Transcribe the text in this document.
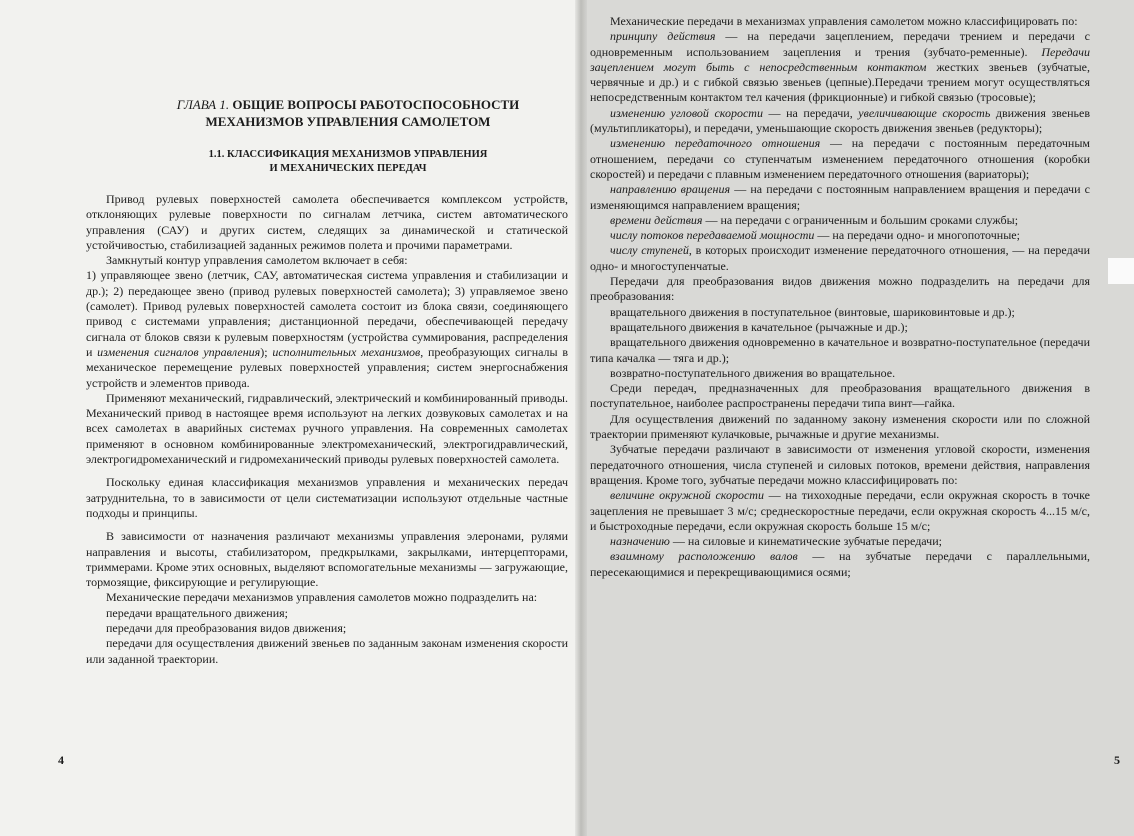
ГЛАВА 1. ОБЩИЕ ВОПРОСЫ РАБОТОСПОСОБНОСТИ
МЕХАНИЗМОВ УПРАВЛЕНИЯ САМОЛЕТОМ
1.1. КЛАССИФИКАЦИЯ МЕХАНИЗМОВ УПРАВЛЕНИЯ
И МЕХАНИЧЕСКИХ ПЕРЕДАЧ

Привод рулевых поверхностей самолета обеспечивается комплексом устройств, отклоняющих рулевые поверхности по сигналам летчика, систем автоматического управления (САУ) и других систем, следящих за динамической и статической устойчивостью, стабилизацией заданных режимов полета и прочими параметрами.

Замкнутый контур управления самолетом включает в себя:

1) управляющее звено (летчик, САУ, автоматическая система управления и стабилизации и др.); 2) передающее звено (привод рулевых поверхностей самолета); 3) управляемое звено (самолет). Привод рулевых поверхностей самолета состоит из блока связи, соединяющего привод с системами управления; дистанционной передачи, обеспечивающей передачу сигнала от блоков связи к рулевым поверхностям (устройства суммирования, распределения и изменения сигналов управления); исполнительных механизмов, преобразующих сигналы в механическое перемещение рулевых поверхностей управления; систем энергоснабжения устройств и элементов привода.

Применяют механический, гидравлический, электрический и комбинированный приводы. Механический привод в настоящее время используют на легких дозвуковых самолетах и на всех самолетах в аварийных системах ручного управления. На современных самолетах применяют в основном комбинированные электромеханический, электрогидравлический, электрогидромеханический и гидромеханический приводы рулевых поверхностей самолета.

Поскольку единая классификация механизмов управления и механических передач затруднительна, то в зависимости от цели систематизации используют отдельные частные подходы и принципы.

В зависимости от назначения различают механизмы управления элеронами, рулями направления и высоты, стабилизатором, предкрылками, закрылками, интерцепторами, триммерами. Кроме этих основных, выделяют вспомогательные механизмы — загружающие, тормозящие, фиксирующие и регулирующие.

Механические передачи механизмов управления самолетов можно подразделить на:

передачи вращательного движения;

передачи для преобразования видов движения;

передачи для осуществления движений звеньев по заданным законам изменения скорости или заданной траектории.

4

Механические передачи в механизмах управления самолетом можно классифицировать по:

принципу действия — на передачи зацеплением, передачи трением и передачи с одновременным использованием зацепления и трения (зубчато-ременные). Передачи зацеплением могут быть с непосредственным контактом жестких звеньев (зубчатые, червячные и др.) и с гибкой связью звеньев (цепные).Передачи трением могут осуществляться непосредственным контактом тел качения (фрикционные) и гибкой связью (тросовые);

изменению угловой скорости — на передачи, увеличивающие скорость движения звеньев (мультипликаторы), и передачи, уменьшающие скорость движения звеньев (редукторы);

изменению передаточного отношения — на передачи с постоянным передаточным отношением, передачи со ступенчатым изменением передаточного отношения (коробки скоростей) и передачи с плавным изменением передаточного отношения (вариаторы);

направлению вращения — на передачи с постоянным направлением вращения и передачи с изменяющимся направлением вращения;

времени действия — на передачи с ограниченным и большим сроками службы;

числу потоков передаваемой мощности — на передачи одно- и многопоточные;

числу ступеней, в которых происходит изменение передаточного отношения, — на передачи одно- и многоступенчатые.

Передачи для преобразования видов движения можно подразделить на передачи для преобразования:

вращательного движения в поступательное (винтовые, шариковинтовые и др.);

вращательного движения в качательное (рычажные и др.);

вращательного движения одновременно в качательное и возвратно-поступательное (передачи типа качалка — тяга и др.);

возвратно-поступательного движения во вращательное.

Среди передач, предназначенных для преобразования вращательного движения в поступательное, наиболее распространены передачи типа винт—гайка.

Для осуществления движений по заданному закону изменения скорости или по сложной траектории применяют кулачковые, рычажные и другие механизмы.

Зубчатые передачи различают в зависимости от изменения угловой скорости, изменения передаточного отношения, числа ступеней и силовых потоков, времени действия, направления вращения. Кроме того, зубчатые передачи можно классифицировать по:

величине окружной скорости — на тихоходные передачи, если окружная скорость в точке зацепления не превышает 3 м/с; среднескоростные передачи, если окружная скорость 4...15 м/с, и быстроходные передачи, если окружная скорость больше 15 м/с;

назначению — на силовые и кинематические зубчатые передачи;

взаимному расположению валов — на зубчатые передачи с параллельными, пересекающимися и перекрещивающимися осями;

5
